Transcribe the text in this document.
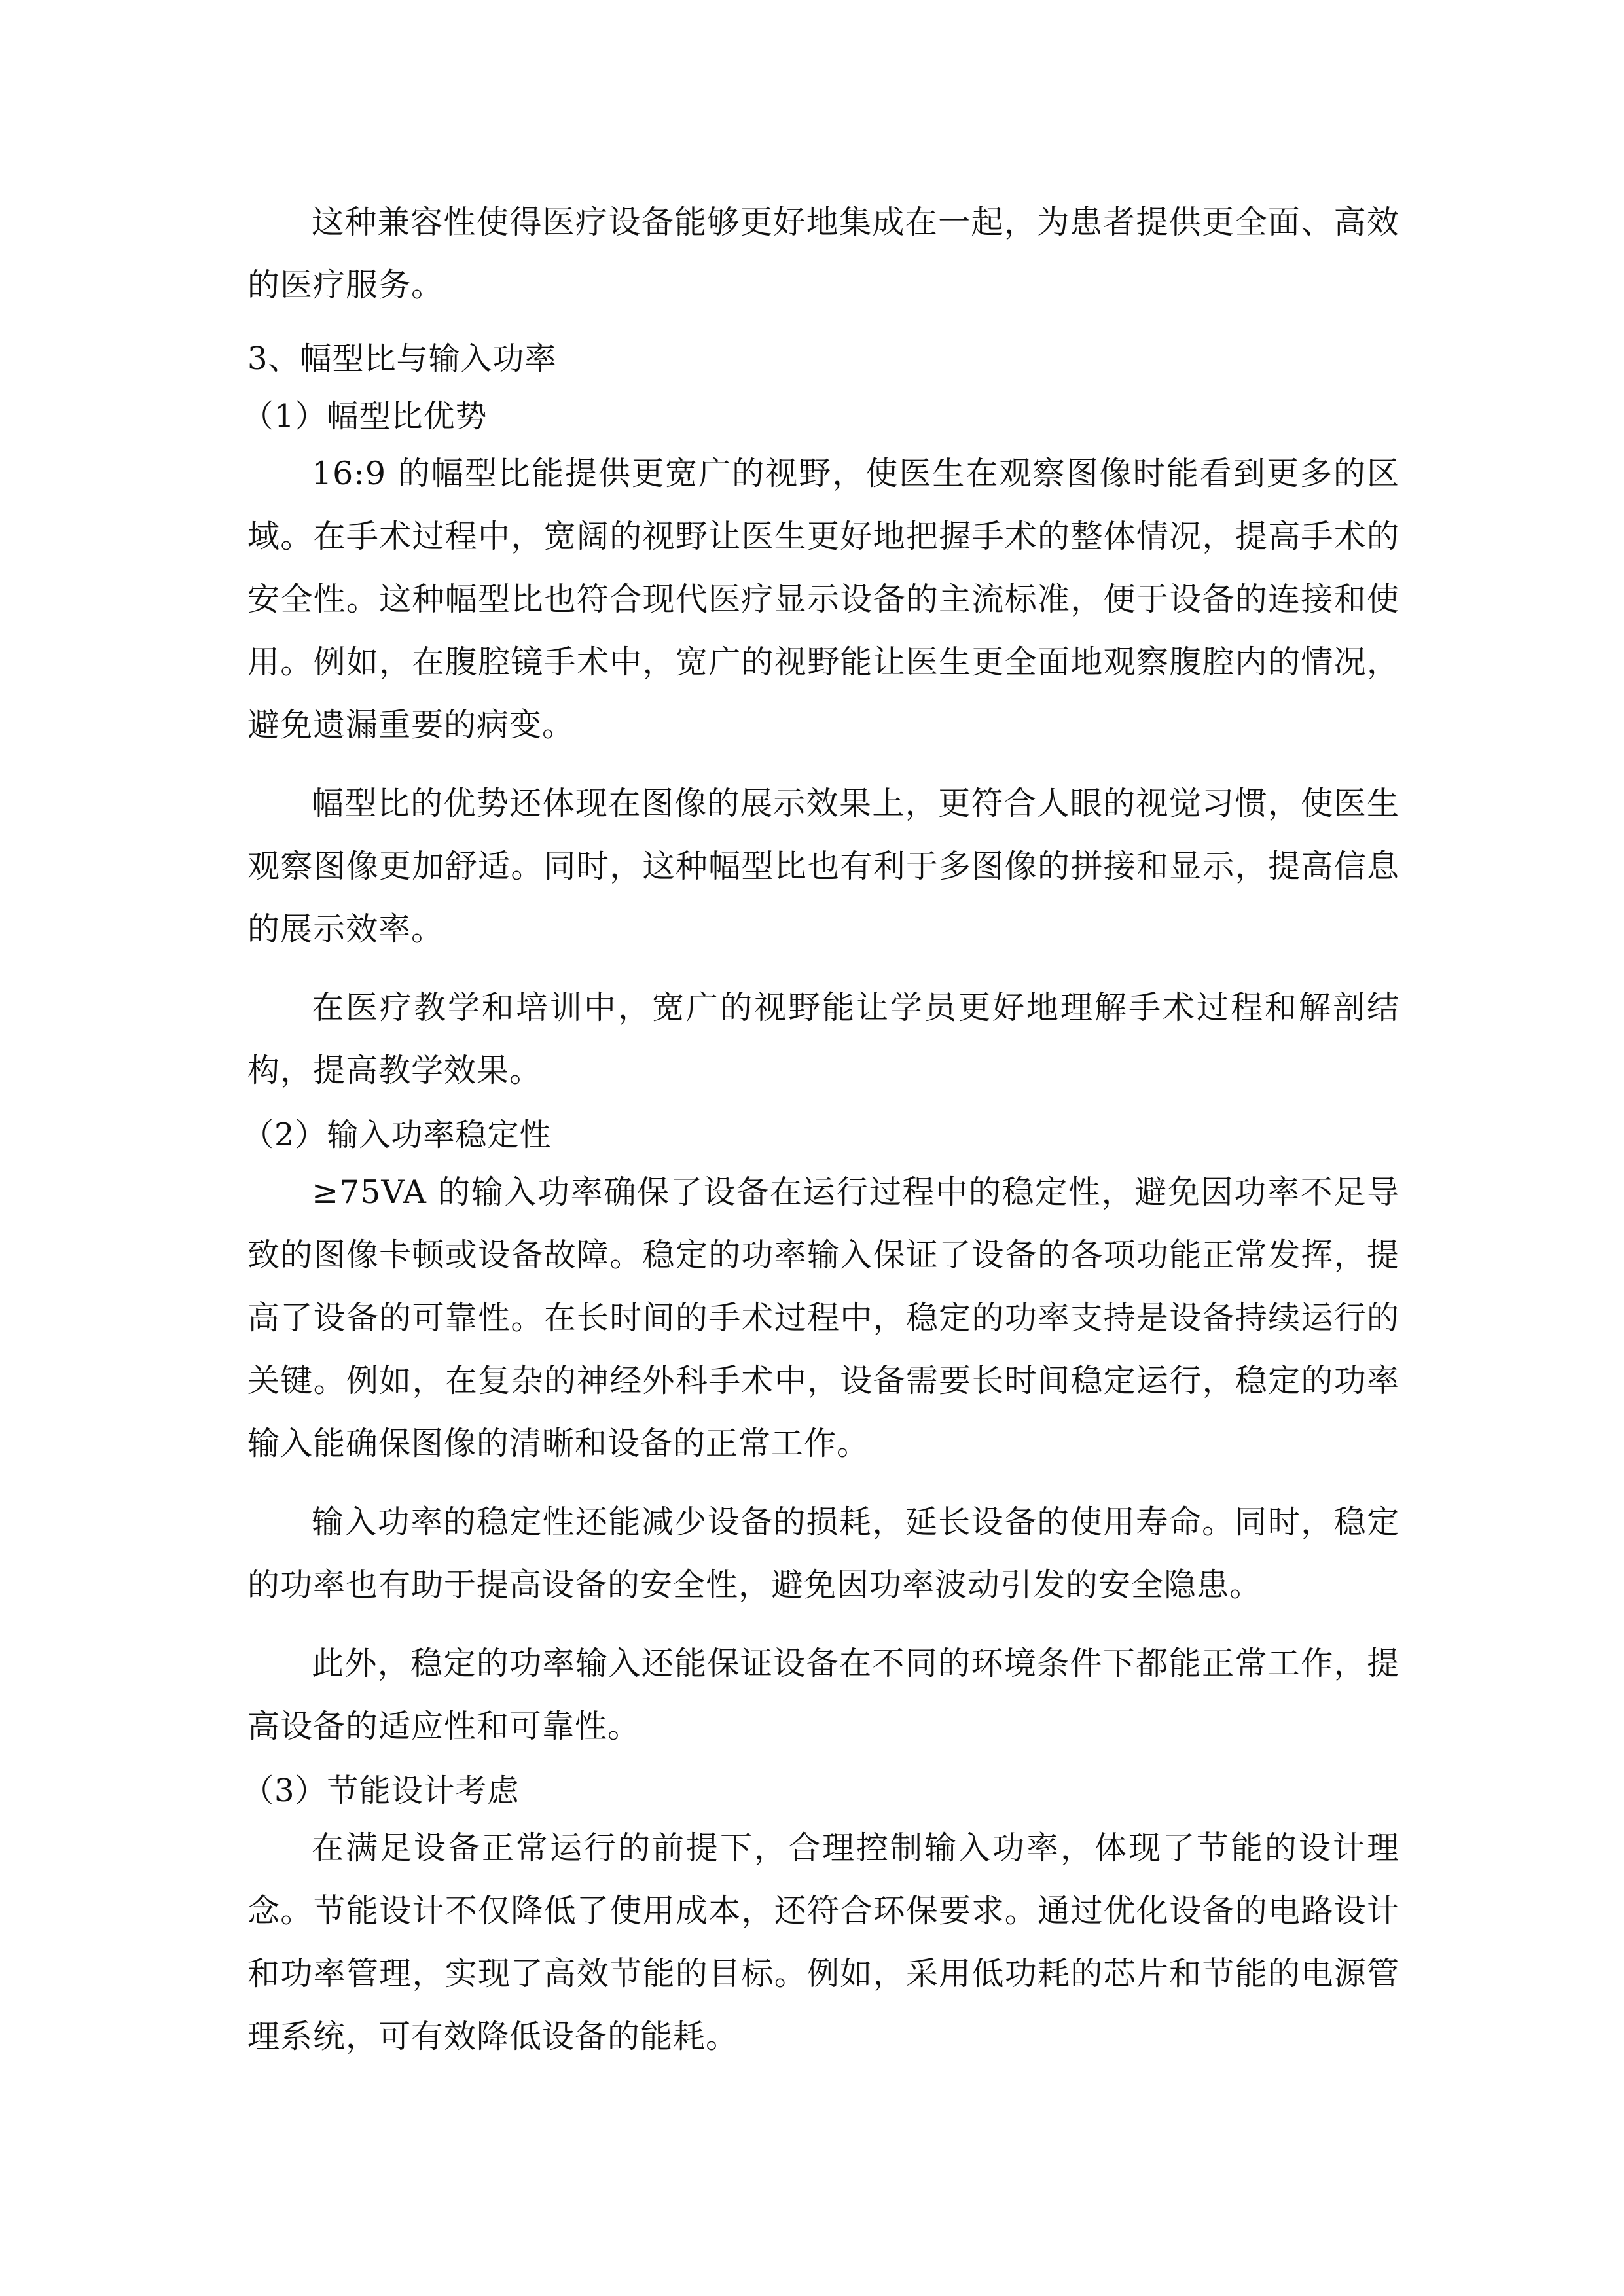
这种兼容性使得医疗设备能够更好地集成在一起，为患者提供更全面、高效的医疗服务。

3、幅型比与输入功率
（1）幅型比优势

16:9 的幅型比能提供更宽广的视野，使医生在观察图像时能看到更多的区域。在手术过程中，宽阔的视野让医生更好地把握手术的整体情况，提高手术的安全性。这种幅型比也符合现代医疗显示设备的主流标准，便于设备的连接和使用。例如，在腹腔镜手术中，宽广的视野能让医生更全面地观察腹腔内的情况，避免遗漏重要的病变。

幅型比的优势还体现在图像的展示效果上，更符合人眼的视觉习惯，使医生观察图像更加舒适。同时，这种幅型比也有利于多图像的拼接和显示，提高信息的展示效率。

在医疗教学和培训中，宽广的视野能让学员更好地理解手术过程和解剖结构，提高教学效果。

（2）输入功率稳定性

≥75VA 的输入功率确保了设备在运行过程中的稳定性，避免因功率不足导致的图像卡顿或设备故障。稳定的功率输入保证了设备的各项功能正常发挥，提高了设备的可靠性。在长时间的手术过程中，稳定的功率支持是设备持续运行的关键。例如，在复杂的神经外科手术中，设备需要长时间稳定运行，稳定的功率输入能确保图像的清晰和设备的正常工作。

输入功率的稳定性还能减少设备的损耗，延长设备的使用寿命。同时，稳定的功率也有助于提高设备的安全性，避免因功率波动引发的安全隐患。

此外，稳定的功率输入还能保证设备在不同的环境条件下都能正常工作，提高设备的适应性和可靠性。

（3）节能设计考虑

在满足设备正常运行的前提下，合理控制输入功率，体现了节能的设计理念。节能设计不仅降低了使用成本，还符合环保要求。通过优化设备的电路设计和功率管理，实现了高效节能的目标。例如，采用低功耗的芯片和节能的电源管理系统，可有效降低设备的能耗。
